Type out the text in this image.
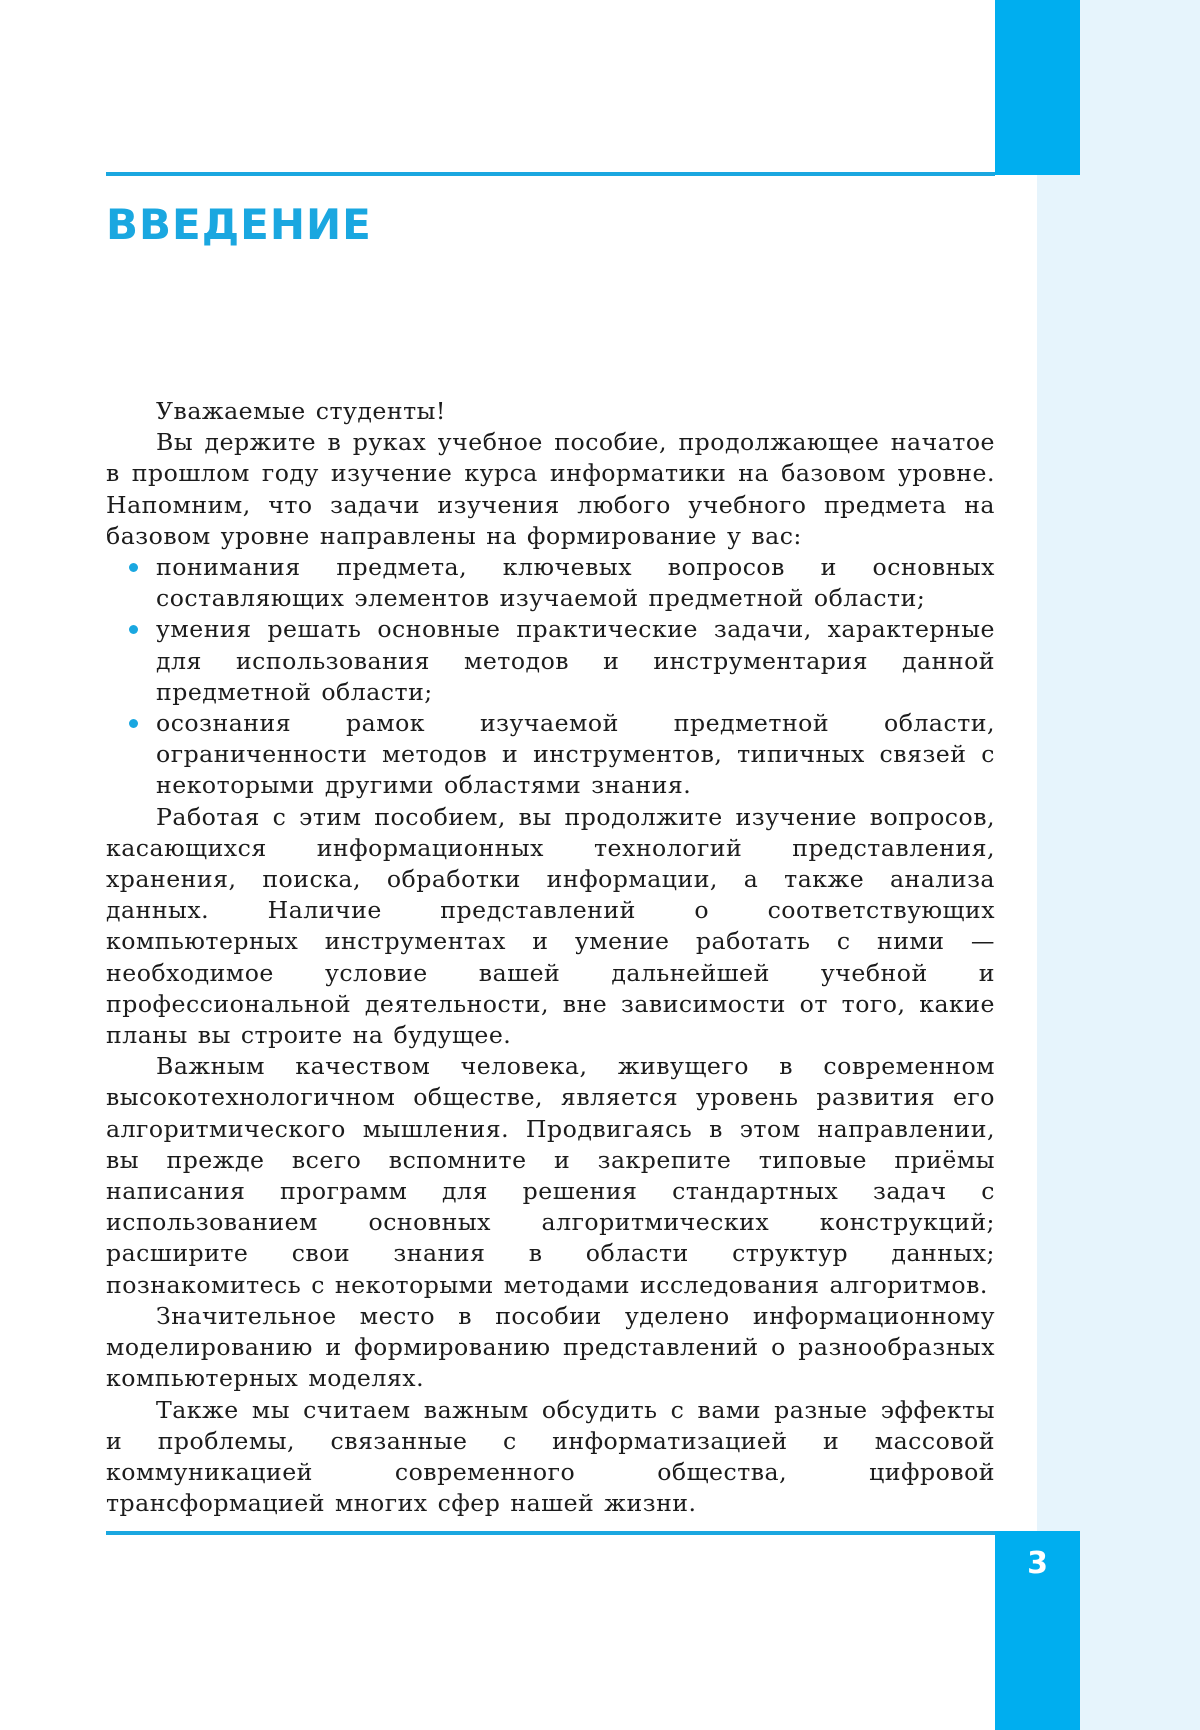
ВВЕДЕНИЕ

Уважаемые студенты!

Вы держите в руках учебное пособие, продолжающее начатое в прошлом году изучение курса информатики на базовом уровне. Напомним, что задачи изучения любого учебного предмета на базовом уровне направлены на формирование у вас:

понимания предмета, ключевых вопросов и основных составляющих элементов изучаемой предметной области;
умения решать основные практические задачи, характерные для использования методов и инструментария данной предметной области;
осознания рамок изучаемой предметной области, ограниченности методов и инструментов, типичных связей с некоторыми другими областями знания.

Работая с этим пособием, вы продолжите изучение вопросов, касающихся информационных технологий представления, хранения, поиска, обработки информации, а также анализа данных. Наличие представлений о соответствующих компьютерных инструментах и умение работать с ними — необходимое условие вашей дальнейшей учебной и профессиональной деятельности, вне зависимости от того, какие планы вы строите на будущее.

Важным качеством человека, живущего в современном высокотехнологичном обществе, является уровень развития его алгоритмического мышления. Продвигаясь в этом направлении, вы прежде всего вспомните и закрепите типовые приёмы написания программ для решения стандартных задач с использованием основных алгоритмических конструкций; расширите свои знания в области структур данных; познакомитесь с некоторыми методами исследования алгоритмов.

Значительное место в пособии уделено информационному моделированию и формированию представлений о разнообразных компьютерных моделях.

Также мы считаем важным обсудить с вами разные эффекты и проблемы, связанные с информатизацией и массовой коммуникацией современного общества, цифровой трансформацией многих сфер нашей жизни.

3
